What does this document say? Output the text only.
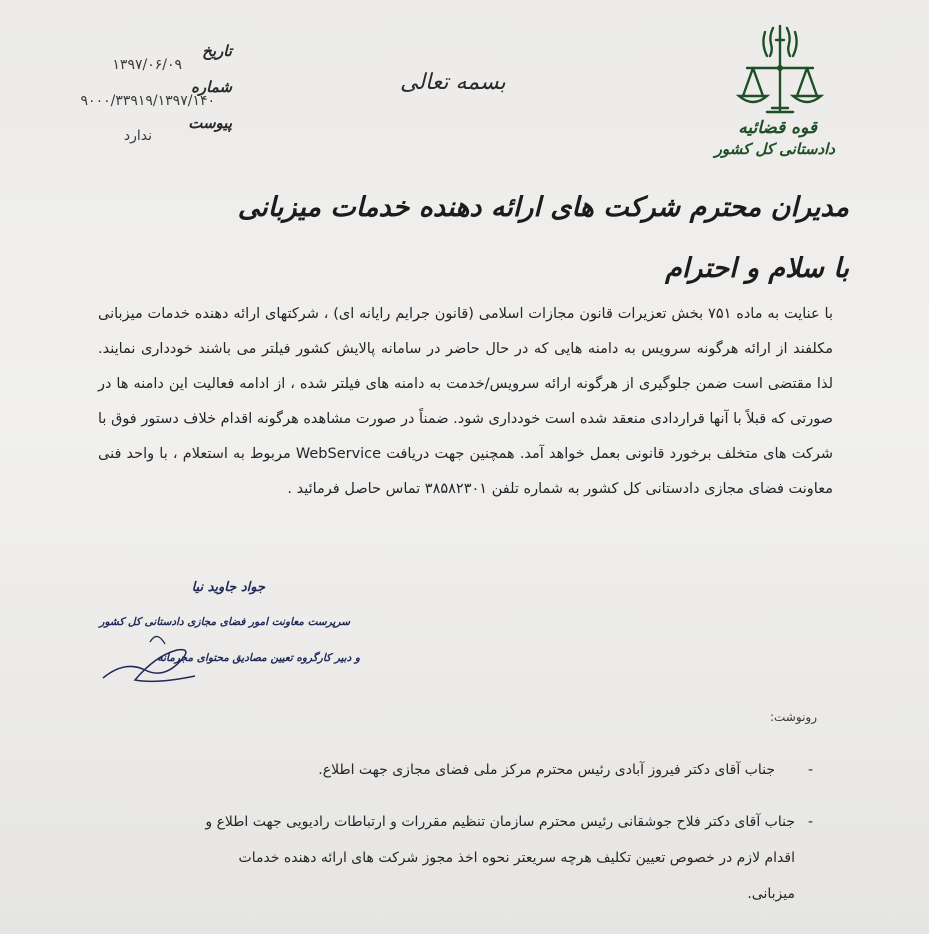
تاریخ
۱۳۹۷/۰۶/۰۹
شماره
۹۰۰۰/۳۳۹۱۹/۱۳۹۷/۱۴۰
پیوست
ندارد
بسمه تعالی
قوه قضائیه
دادستانی کل کشور
مدیران محترم شرکت های ارائه دهنده خدمات میزبانی
با سلام و احترام
با عنایت به ماده ۷۵۱ بخش تعزیرات قانون مجازات اسلامی (قانون جرایم رایانه ای) ، شرکتهای ارائه دهنده خدمات میزبانی مکلفند از ارائه هرگونه سرویس به دامنه هایی که در حال حاضر در سامانه پالایش کشور فیلتر می باشند خودداری نمایند. لذا مقتضی است ضمن جلوگیری از هرگونه ارائه سرویس/خدمت به دامنه های فیلتر شده ، از ادامه فعالیت این دامنه ها در صورتی که قبلاً با آنها قراردادی منعقد شده است خودداری شود. ضمناً در صورت مشاهده هرگونه اقدام خلاف دستور فوق با شرکت های متخلف برخورد قانونی بعمل خواهد آمد. همچنین جهت دریافت WebService مربوط به استعلام ، با واحد فنی معاونت فضای مجازی دادستانی کل کشور به شماره تلفن ۳۸۵۸۲۳۰۱ تماس حاصل فرمائید .
جواد جاوید نیا
سرپرست معاونت امور فضای مجازی دادستانی کل کشور
و دبیر کارگروه تعیین مصادیق محتوای مجرمانه
رونوشت:
-
جناب آقای دکتر فیروز آبادی رئیس محترم مرکز ملی فضای مجازی جهت اطلاع.
-
جناب آقای دکتر فلاح جوشقانی رئیس محترم سازمان تنظیم مقررات و ارتباطات رادیویی جهت اطلاع و اقدام لازم در خصوص تعیین تکلیف هرچه سریعتر نحوه اخذ مجوز شرکت های ارائه دهنده خدمات میزبانی.
